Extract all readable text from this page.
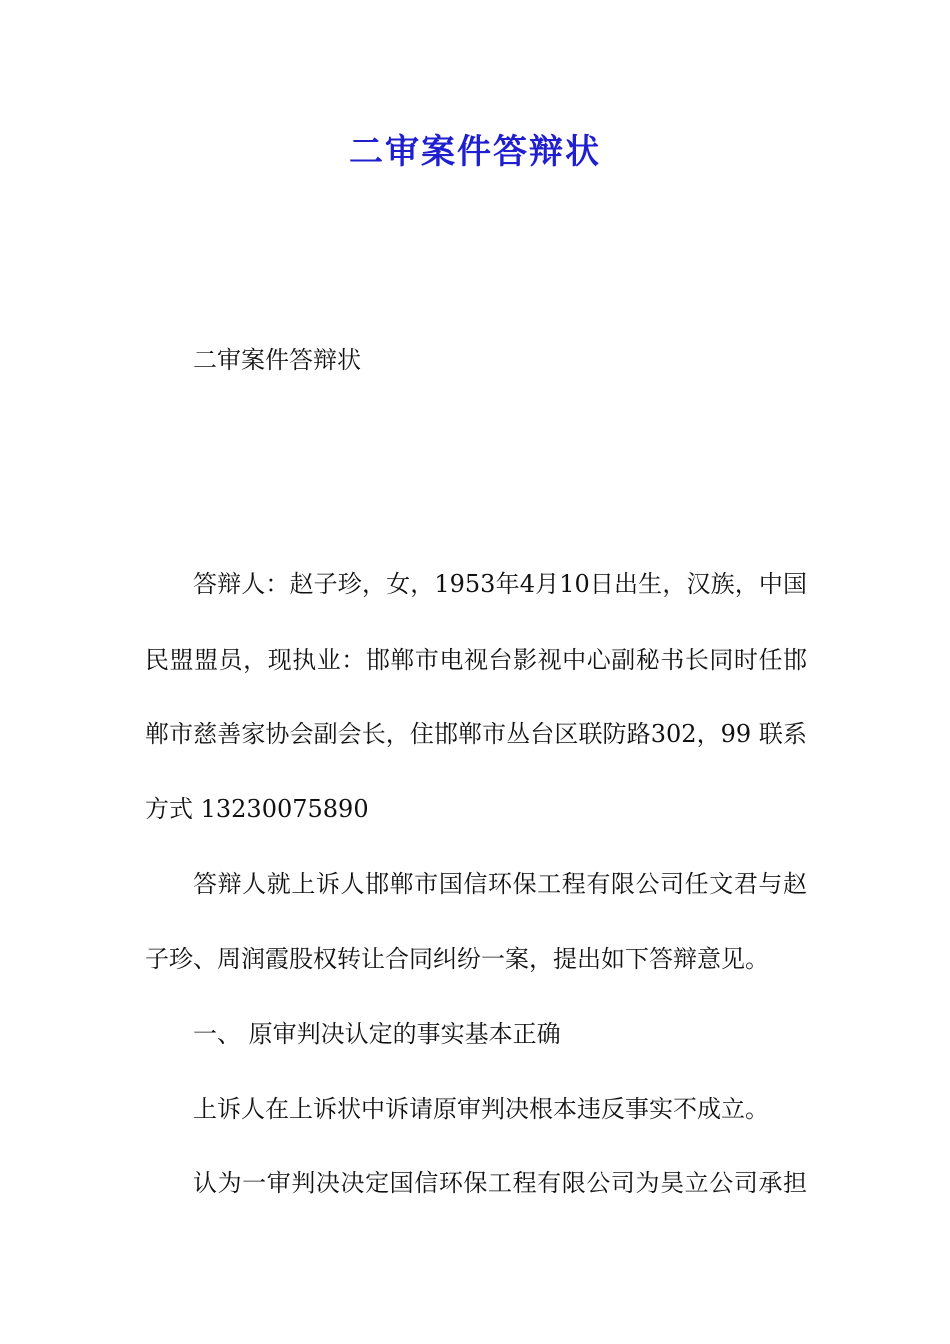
二审案件答辩状
二审案件答辩状
答辩人：赵子珍，女，1953年4月10日出生，汉族，中国
民盟盟员，现执业：邯郸市电视台影视中心副秘书长同时任邯
郸市慈善家协会副会长，住邯郸市丛台区联防路302，99 联系
方式 13230075890
答辩人就上诉人邯郸市国信环保工程有限公司任文君与赵
子珍、周润霞股权转让合同纠纷一案，提出如下答辩意见。
一、 原审判决认定的事实基本正确
上诉人在上诉状中诉请原审判决根本违反事实不成立。
认为一审判决决定国信环保工程有限公司为昊立公司承担
